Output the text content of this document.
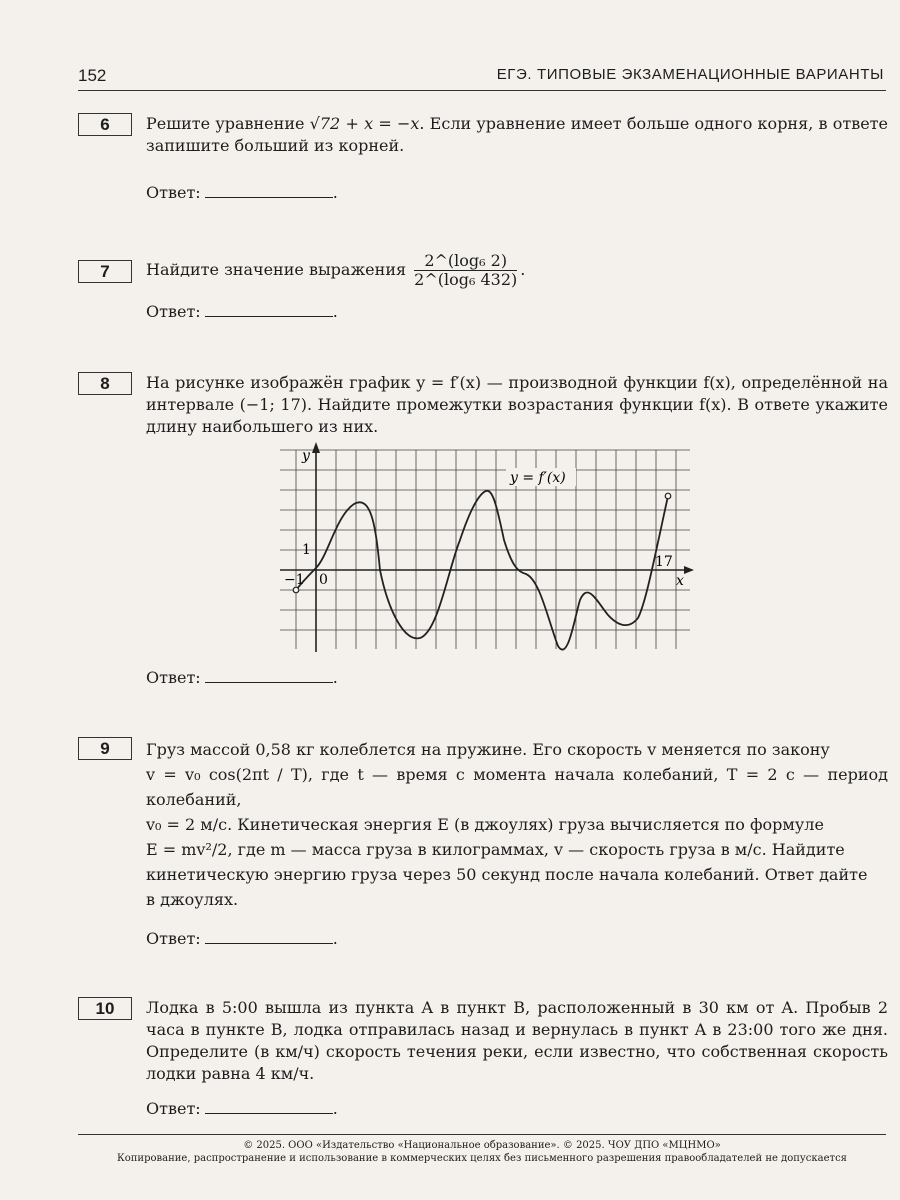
152	ЕГЭ. ТИПОВЫЕ ЭКЗАМЕНАЦИОННЫЕ ВАРИАНТЫ
6	Решите уравнение √72 + x = −x. Если уравнение имеет больше одного корня, в ответе запишите больший из корней.

Ответ:	.
7	Найдите значение выражения $\frac{\text{2\textasciicircum{}(log₆ 2)}}{\text{2\textasciicircum{}(log₆ 432)}}$ .
Ответ:	.
8	На рисунке изображён график y = f′(x) — производной функции f(x), определённой на интервале (−1; 17). Найдите промежутки возрастания функции f(x). В ответе укажите длину наибольшего из них.
y = f′(x)
y
x
1
0
−1
17
Ответ:	.
9	Груз массой 0,58 кг колеблется на пружине. Его скорость v меняется по закону

v = v₀ cos(2πt / T), где t — время с момента начала колебаний, T = 2 с — период колебаний,

v₀ = 2 м/с. Кинетическая энергия E (в джоулях) груза вычисляется по формуле

E = mv²/2, где m — масса груза в килограммах, v — скорость груза в м/с. Найдите

кинетическую энергию груза через 50 секунд после начала колебаний. Ответ дайте

в джоулях.

Ответ:	.
10	Лодка в 5:00 вышла из пункта A в пункт B, расположенный в 30 км от A. Пробыв 2 часа в пункте B, лодка отправилась назад и вернулась в пункт A в 23:00 того же дня. Определите (в км/ч) скорость течения реки, если известно, что собственная скорость лодки равна 4 км/ч.
Ответ:	.
© 2025. ООО «Издательство «Национальное образование». © 2025. ЧОУ ДПО «МЦНМО»
Копирование, распространение и использование в коммерческих целях без письменного разрешения правообладателей не допускается
